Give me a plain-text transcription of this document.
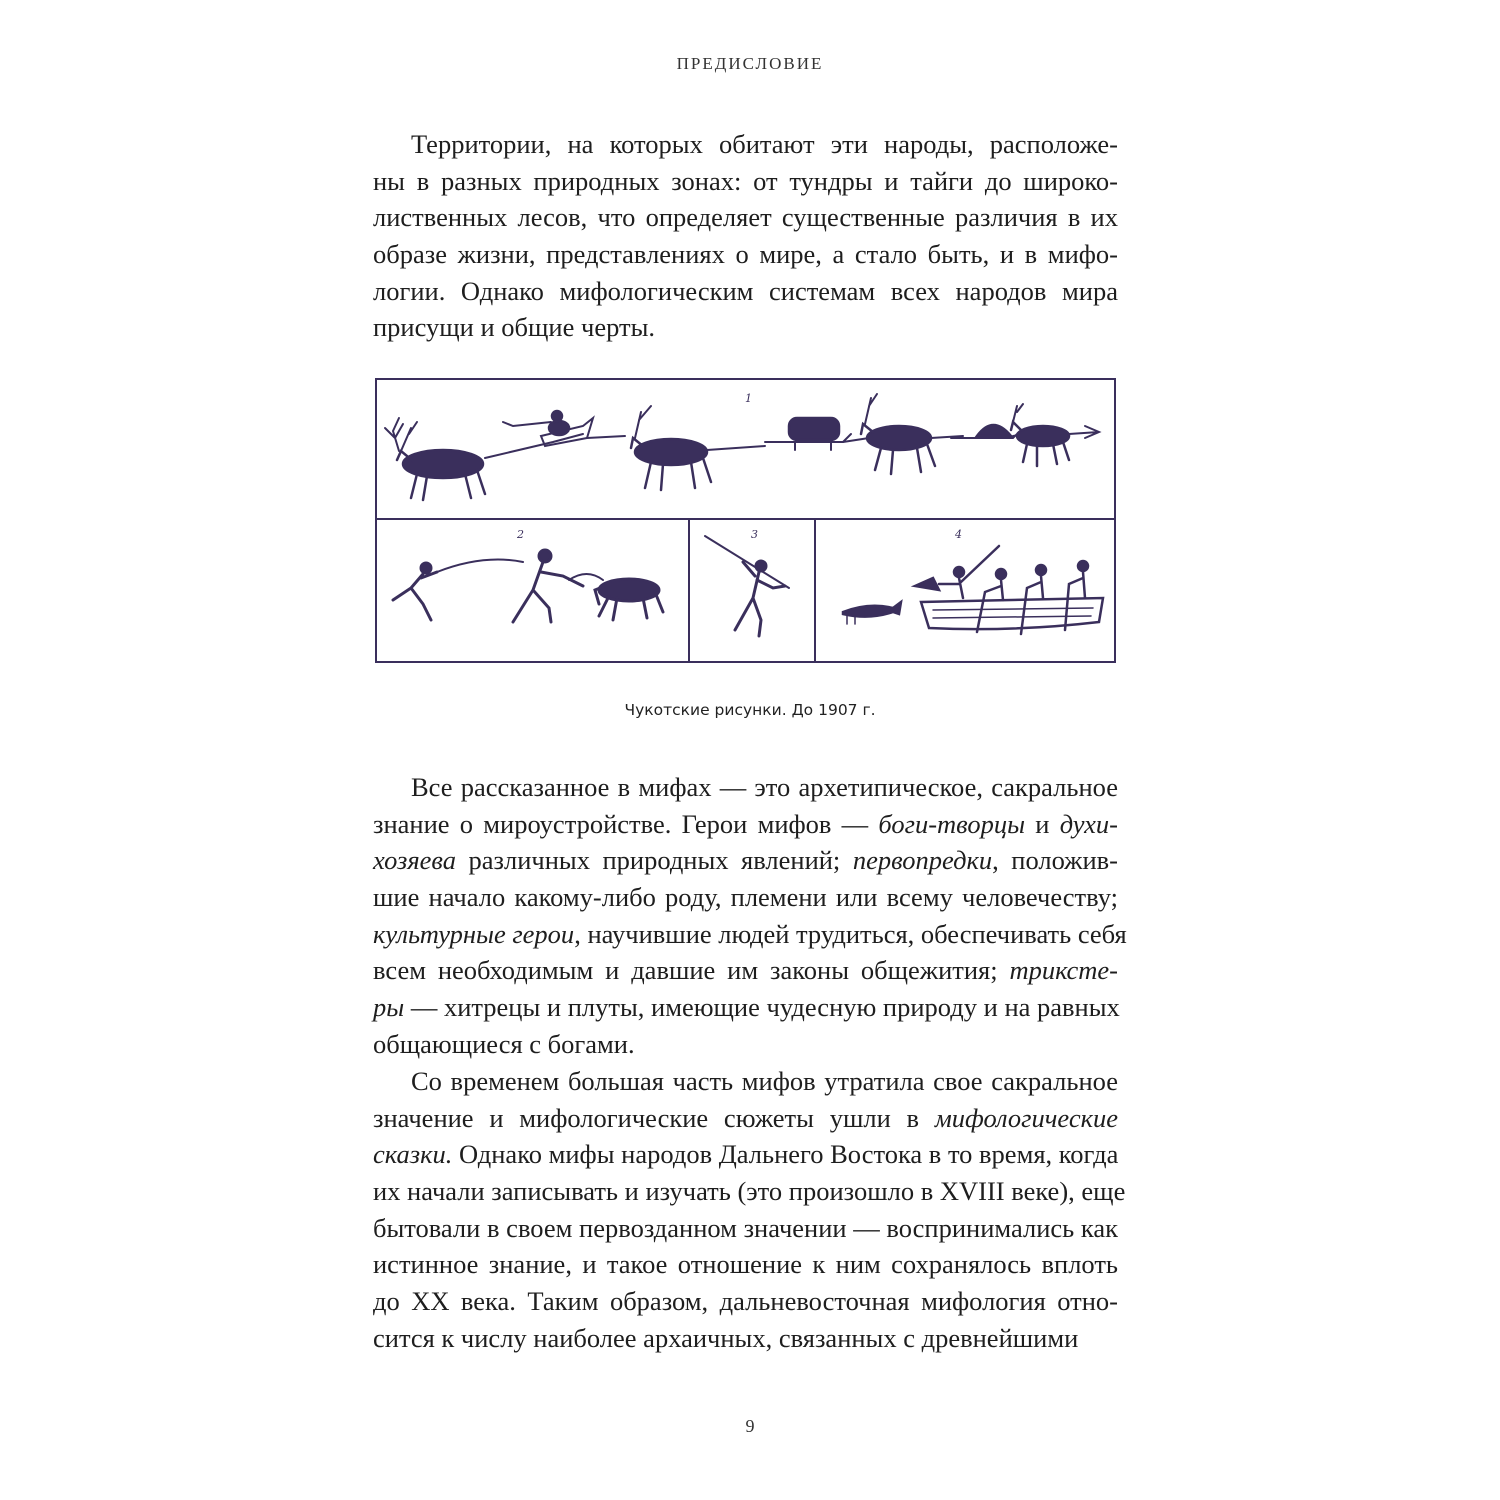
ПРЕДИСЛОВИЕ
Территории, на которых обитают эти народы, расположе-
ны в разных природных зонах: от тундры и тайги до широко-
лиственных лесов, что определяет существенные различия в их
образе жизни, представлениях о мире, а стало быть, и в мифо-
логии. Однако мифологическим системам всех народов мира
присущи и общие черты.
Все рассказанное в мифах — это архетипическое, сакральное
знание о мироустройстве. Герои мифов — боги-творцы и духи-
хозяева различных природных явлений; первопредки, положив-
шие начало какому-либо роду, племени или всему человечеству;
культурные герои, научившие людей трудиться, обеспечивать себя
всем необходимым и давшие им законы общежития; триксте-
ры — хитрецы и плуты, имеющие чудесную природу и на равных
общающиеся с богами.
Со временем большая часть мифов утратила свое сакральное
значение и мифологические сюжеты ушли в мифологические
сказки. Однако мифы народов Дальнего Востока в то время, когда
их начали записывать и изучать (это произошло в XVIII веке), еще
бытовали в своем первозданном значении — воспринимались как
истинное знание, и такое отношение к ним сохранялось вплоть
до XX века. Таким образом, дальневосточная мифология отно-
сится к числу наиболее архаичных, связанных с древнейшими
1
2	3	4
Чукотские рисунки. До 1907 г.
9
